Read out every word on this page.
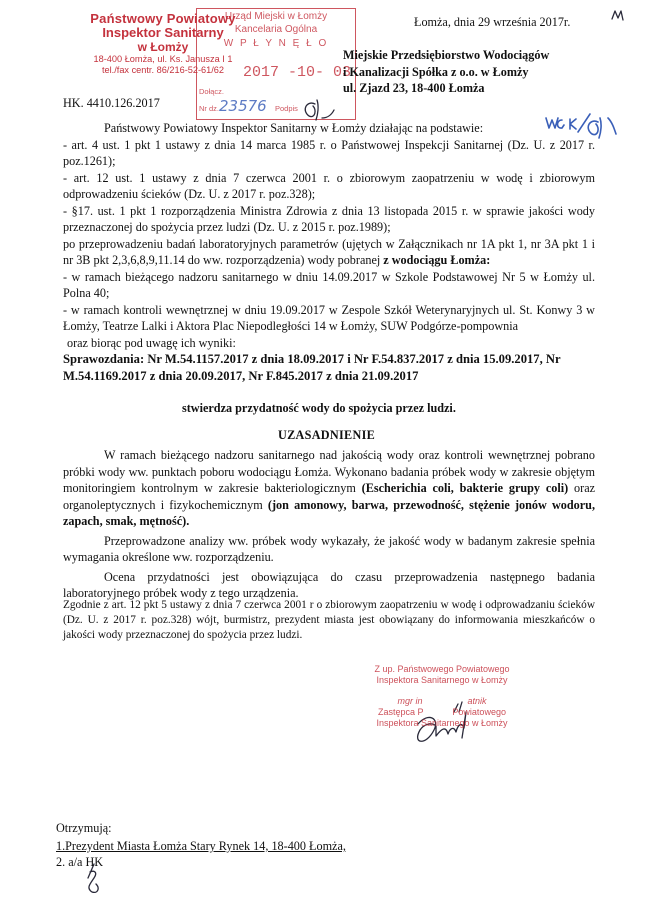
Państwowy Powiatowy
Inspektor Sanitarny
w Łomży
18-400 Łomża, ul. Ks. Janusza I 1
tel./fax centr. 86/216-52-61/62
Urząd Miejski w Łomży
Kancelaria Ogólna
W P Ł Y N Ę Ł O
2017 -10- 03
Dołącz.
Nr dz. 23576 Podpis
Łomża, dnia 29 września 2017r.
Miejskie Przedsiębiorstwo Wodociągów
i Kanalizacji Spółka z o.o. w Łomży
ul. Zjazd 23, 18-400 Łomża
HK. 4410.126.2017
Państwowy Powiatowy Inspektor Sanitarny w Łomży działając na podstawie:
- art. 4 ust. 1 pkt 1 ustawy z dnia 14 marca 1985 r. o Państwowej Inspekcji Sanitarnej (Dz. U. z 2017 r. poz.1261);
- art. 12 ust. 1 ustawy z dnia 7 czerwca 2001 r. o zbiorowym zaopatrzeniu w wodę i zbiorowym odprowadzeniu ścieków (Dz. U. z 2017 r. poz.328);
- §17. ust. 1 pkt 1 rozporządzenia Ministra Zdrowia z dnia 13 listopada 2015 r. w sprawie jakości wody przeznaczonej do spożycia przez ludzi (Dz. U. z 2015 r. poz.1989);
po przeprowadzeniu badań laboratoryjnych parametrów (ujętych w Załącznikach nr 1A pkt 1, nr 3A pkt 1 i nr 3B pkt 2,3,6,8,9,11.14 do ww. rozporządzenia) wody pobranej z wodociągu Łomża:
- w ramach bieżącego nadzoru sanitarnego w dniu 14.09.2017 w Szkole Podstawowej Nr 5 w Łomży ul. Polna 40;
- w ramach kontroli wewnętrznej w dniu 19.09.2017 w Zespole Szkół Weterynaryjnych ul. St. Konwy 3 w Łomży, Teatrze Lalki i Aktora Plac Niepodległości 14 w Łomży, SUW Podgórze-pompownia
oraz biorąc pod uwagę ich wyniki:
Sprawozdania: Nr M.54.1157.2017 z dnia 18.09.2017 i Nr F.54.837.2017 z dnia 15.09.2017, Nr M.54.1169.2017 z dnia 20.09.2017, Nr F.845.2017 z dnia 21.09.2017
stwierdza przydatność wody do spożycia przez ludzi.
UZASADNIENIE
W ramach bieżącego nadzoru sanitarnego nad jakością wody oraz kontroli wewnętrznej pobrano próbki wody ww. punktach poboru wodociągu Łomża. Wykonano badania próbek wody w zakresie objętym monitoringiem kontrolnym w zakresie bakteriologicznym (Escherichia coli, bakterie grupy coli) oraz organoleptycznych i fizykochemicznym (jon amonowy, barwa, przewodność, stężenie jonów wodoru, zapach, smak, mętność).
Przeprowadzone analizy ww. próbek wody wykazały, że jakość wody w badanym zakresie spełnia wymagania określone ww. rozporządzeniu.
Ocena przydatności jest obowiązująca do czasu przeprowadzenia następnego badania laboratoryjnego próbek wody z tego urządzenia.
Zgodnie z art. 12 pkt 5 ustawy z dnia 7 czerwca 2001 r o zbiorowym zaopatrzeniu w wodę i odprowadzaniu ścieków (Dz. U. z 2017 r. poz.328) wójt, burmistrz, prezydent miasta jest obowiązany do informowania mieszkańców o jakości wody przeznaczonej do spożycia przez ludzi.
Z up. Państwowego Powiatowego
Inspektora Sanitarnego w Łomży
mgr in	atnik
Zastępca P	Powiatowego
Inspektora Sanitarnego w Łomży
Otrzymują:
1.Prezydent Miasta Łomża Stary Rynek 14, 18-400 Łomża,
2. a/a HK
